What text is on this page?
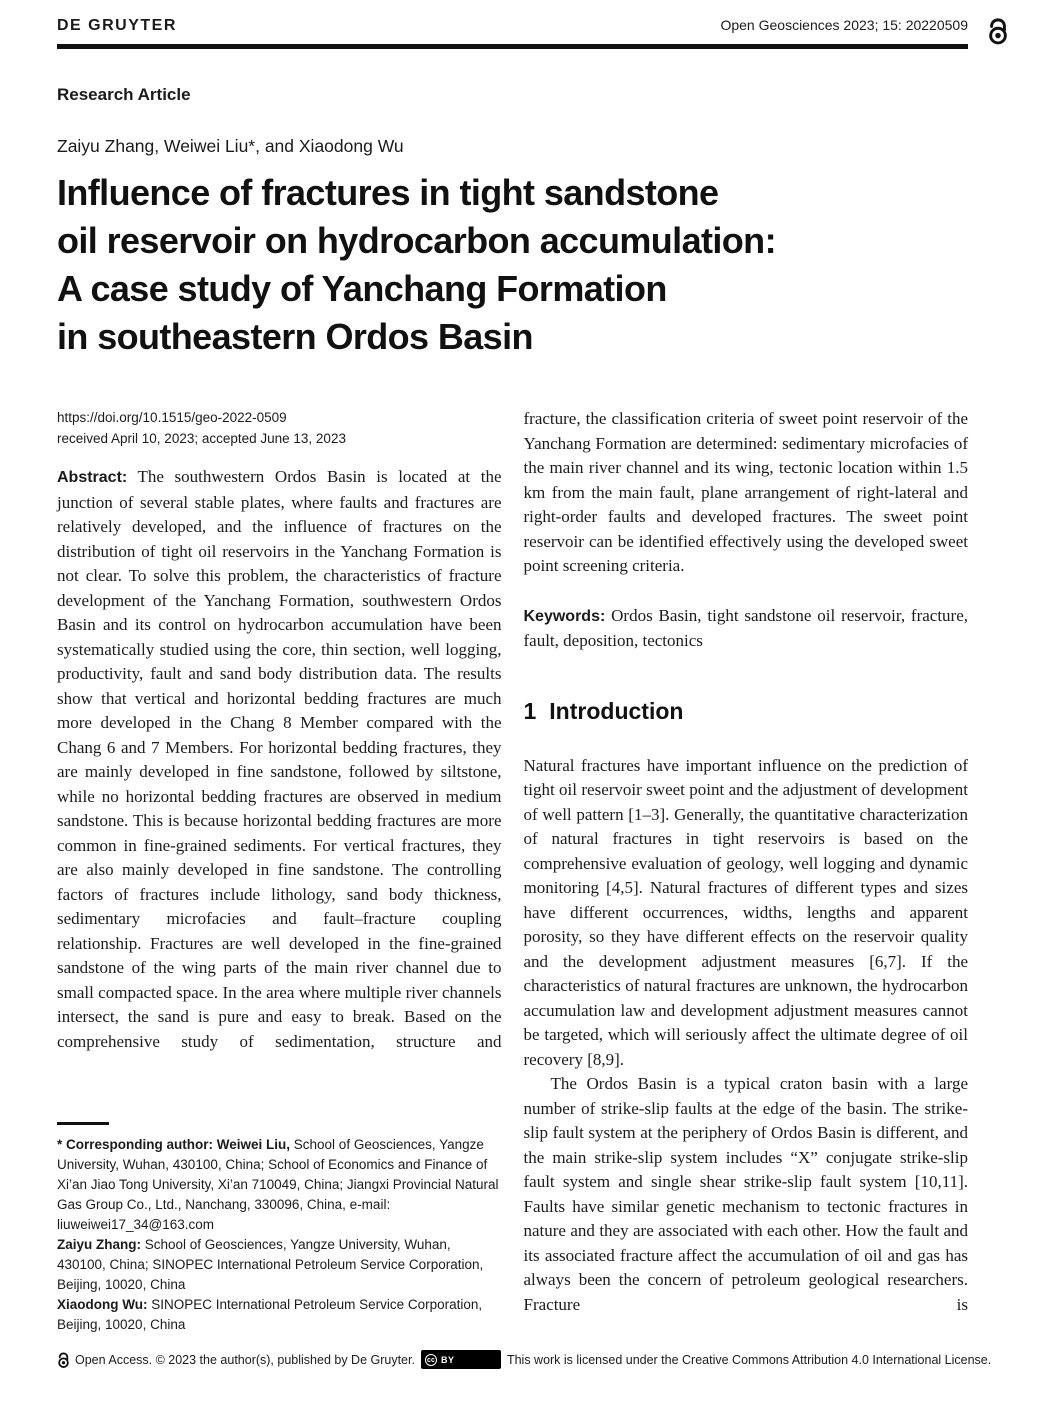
DE GRUYTER	Open Geosciences 2023; 15: 20220509
Research Article
Zaiyu Zhang, Weiwei Liu*, and Xiaodong Wu
Influence of fractures in tight sandstone
oil reservoir on hydrocarbon accumulation:
A case study of Yanchang Formation
in southeastern Ordos Basin
https://doi.org/10.1515/geo-2022-0509
received April 10, 2023; accepted June 13, 2023

Abstract: The southwestern Ordos Basin is located at the junction of several stable plates, where faults and fractures are relatively developed, and the influence of fractures on the distribution of tight oil reservoirs in the Yanchang Formation is not clear. To solve this problem, the characteristics of fracture development of the Yanchang Formation, southwestern Ordos Basin and its control on hydrocarbon accumulation have been systematically studied using the core, thin section, well logging, productivity, fault and sand body distribution data. The results show that vertical and horizontal bedding fractures are much more developed in the Chang 8 Member compared with the Chang 6 and 7 Members. For horizontal bedding fractures, they are mainly developed in fine sandstone, followed by siltstone, while no horizontal bedding fractures are observed in medium sandstone. This is because horizontal bedding fractures are more common in fine-grained sediments. For vertical fractures, they are also mainly developed in fine sandstone. The controlling factors of fractures include lithology, sand body thickness, sedimentary microfacies and fault–fracture coupling relationship. Fractures are well developed in the fine-grained sandstone of the wing parts of the main river channel due to small compacted space. In the area where multiple river channels intersect, the sand is pure and easy to break. Based on the comprehensive study of sedimentation, structure and

* Corresponding author: Weiwei Liu, School of Geosciences, Yangze University, Wuhan, 430100, China; School of Economics and Finance of Xi’an Jiao Tong University, Xi’an 710049, China; Jiangxi Provincial Natural Gas Group Co., Ltd., Nanchang, 330096, China, e-mail: liuweiwei17_34@163.com
Zaiyu Zhang: School of Geosciences, Yangze University, Wuhan, 430100, China; SINOPEC International Petroleum Service Corporation, Beijing, 10020, China
Xiaodong Wu: SINOPEC International Petroleum Service Corporation, Beijing, 10020, China

fracture, the classification criteria of sweet point reservoir of the Yanchang Formation are determined: sedimentary microfacies of the main river channel and its wing, tectonic location within 1.5 km from the main fault, plane arrangement of right-lateral and right-order faults and developed fractures. The sweet point reservoir can be identified effectively using the developed sweet point screening criteria.

Keywords: Ordos Basin, tight sandstone oil reservoir, fracture, fault, deposition, tectonics

1 Introduction

Natural fractures have important influence on the prediction of tight oil reservoir sweet point and the adjustment of development of well pattern [1–3]. Generally, the quantitative characterization of natural fractures in tight reservoirs is based on the comprehensive evaluation of geology, well logging and dynamic monitoring [4,5]. Natural fractures of different types and sizes have different occurrences, widths, lengths and apparent porosity, so they have different effects on the reservoir quality and the development adjustment measures [6,7]. If the characteristics of natural fractures are unknown, the hydrocarbon accumulation law and development adjustment measures cannot be targeted, which will seriously affect the ultimate degree of oil recovery [8,9].

The Ordos Basin is a typical craton basin with a large number of strike-slip faults at the edge of the basin. The strike-slip fault system at the periphery of Ordos Basin is different, and the main strike-slip system includes “X” conjugate strike-slip fault system and single shear strike-slip fault system [10,11]. Faults have similar genetic mechanism to tectonic fractures in nature and they are associated with each other. How the fault and its associated fracture affect the accumulation of oil and gas has always been the concern of petroleum geological researchers. Fracture is

Open Access. © 2023 the author(s), published by De Gruyter. cc BY	This work is licensed under the Creative Commons Attribution 4.0 International License.
